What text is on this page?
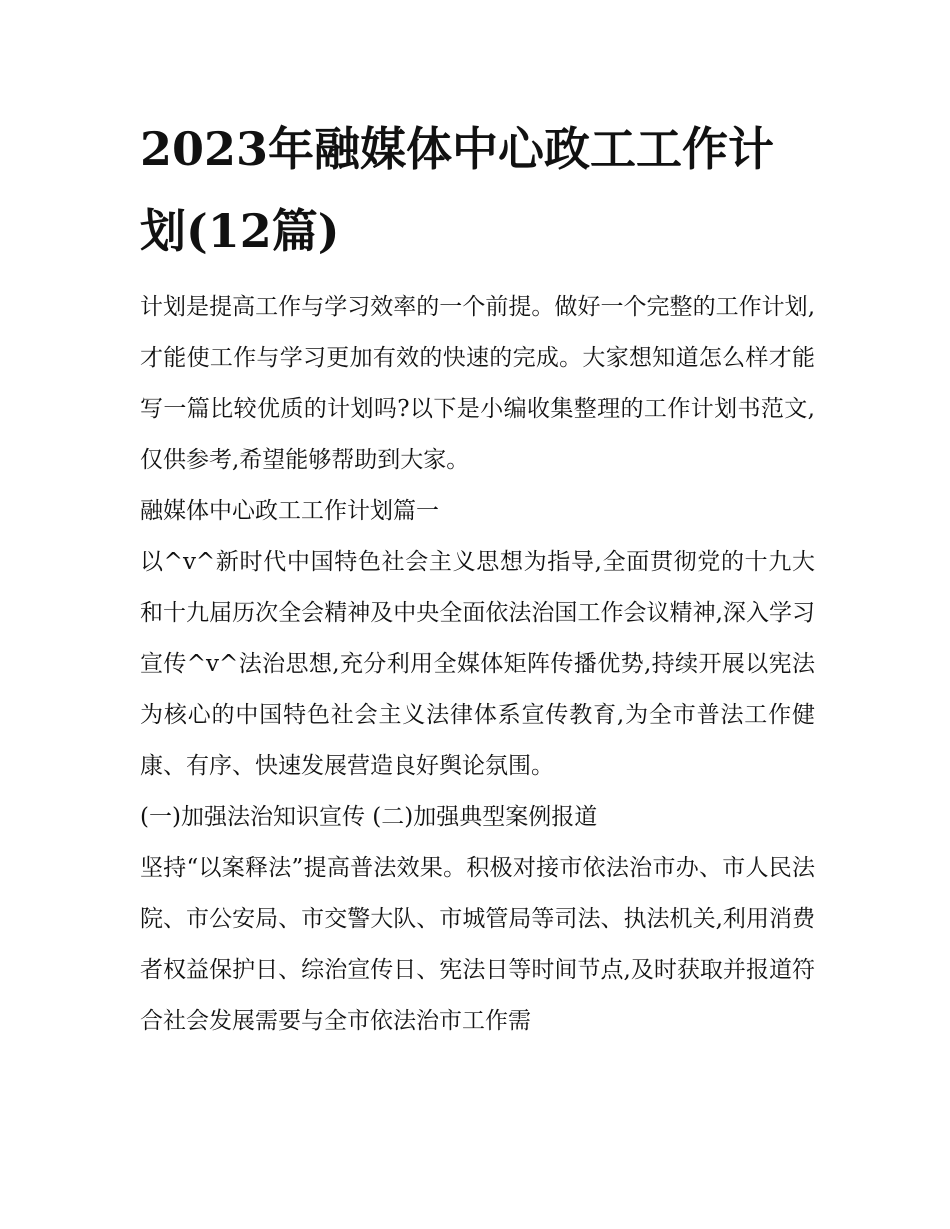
2023年融媒体中心政工工作计划(12篇)

计划是提高工作与学习效率的一个前提。做好一个完整的工作计划,才能使工作与学习更加有效的快速的完成。大家想知道怎么样才能写一篇比较优质的计划吗?以下是小编收集整理的工作计划书范文,仅供参考,希望能够帮助到大家。

融媒体中心政工工作计划篇一

以^v^新时代中国特色社会主义思想为指导,全面贯彻党的十九大和十九届历次全会精神及中央全面依法治国工作会议精神,深入学习宣传^v^法治思想,充分利用全媒体矩阵传播优势,持续开展以宪法为核心的中国特色社会主义法律体系宣传教育,为全市普法工作健康、有序、快速发展营造良好舆论氛围。

(一)加强法治知识宣传 (二)加强典型案例报道

坚持“以案释法”提高普法效果。积极对接市依法治市办、市人民法院、市公安局、市交警大队、市城管局等司法、执法机关,利用消费者权益保护日、综治宣传日、宪法日等时间节点,及时获取并报道符合社会发展需要与全市依法治市工作需
